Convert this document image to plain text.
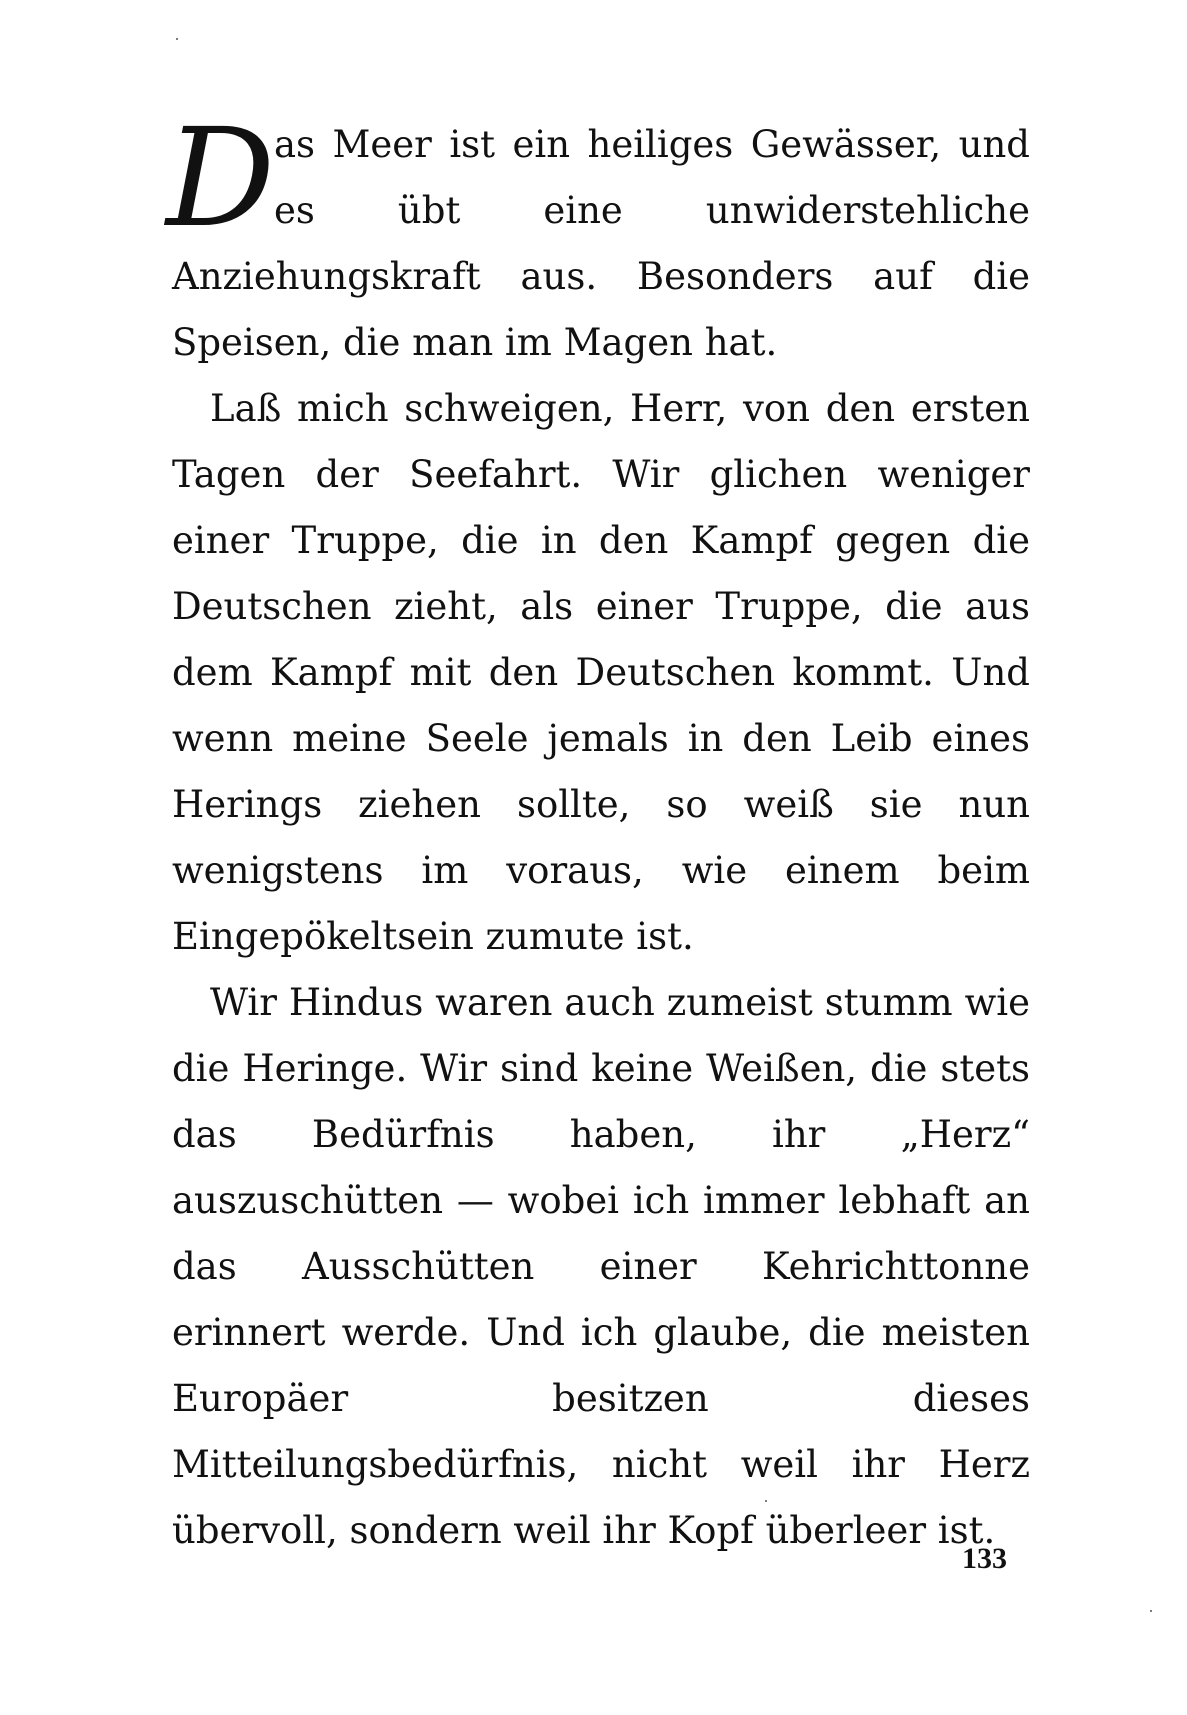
D
as Meer ist ein heiliges Gewässer, und es übt eine unwiderstehliche Anziehungskraft aus. Besonders auf die Speisen, die man im Magen hat.

Laß mich schweigen, Herr, von den ersten Tagen der Seefahrt. Wir glichen weniger einer Truppe, die in den Kampf gegen die Deutschen zieht, als einer Truppe, die aus dem Kampf mit den Deutschen kommt. Und wenn meine Seele jemals in den Leib eines Herings ziehen sollte, so weiß sie nun wenigstens im voraus, wie einem beim Eingepökeltsein zumute ist.

Wir Hindus waren auch zumeist stumm wie die Heringe. Wir sind keine Weißen, die stets das Bedürfnis haben, ihr „Herz“ auszuschütten — wobei ich immer lebhaft an das Ausschütten einer Kehrichttonne erinnert werde. Und ich glaube, die meisten Europäer besitzen dieses Mitteilungsbedürfnis, nicht weil ihr Herz übervoll, sondern weil ihr Kopf überleer ist.

133
